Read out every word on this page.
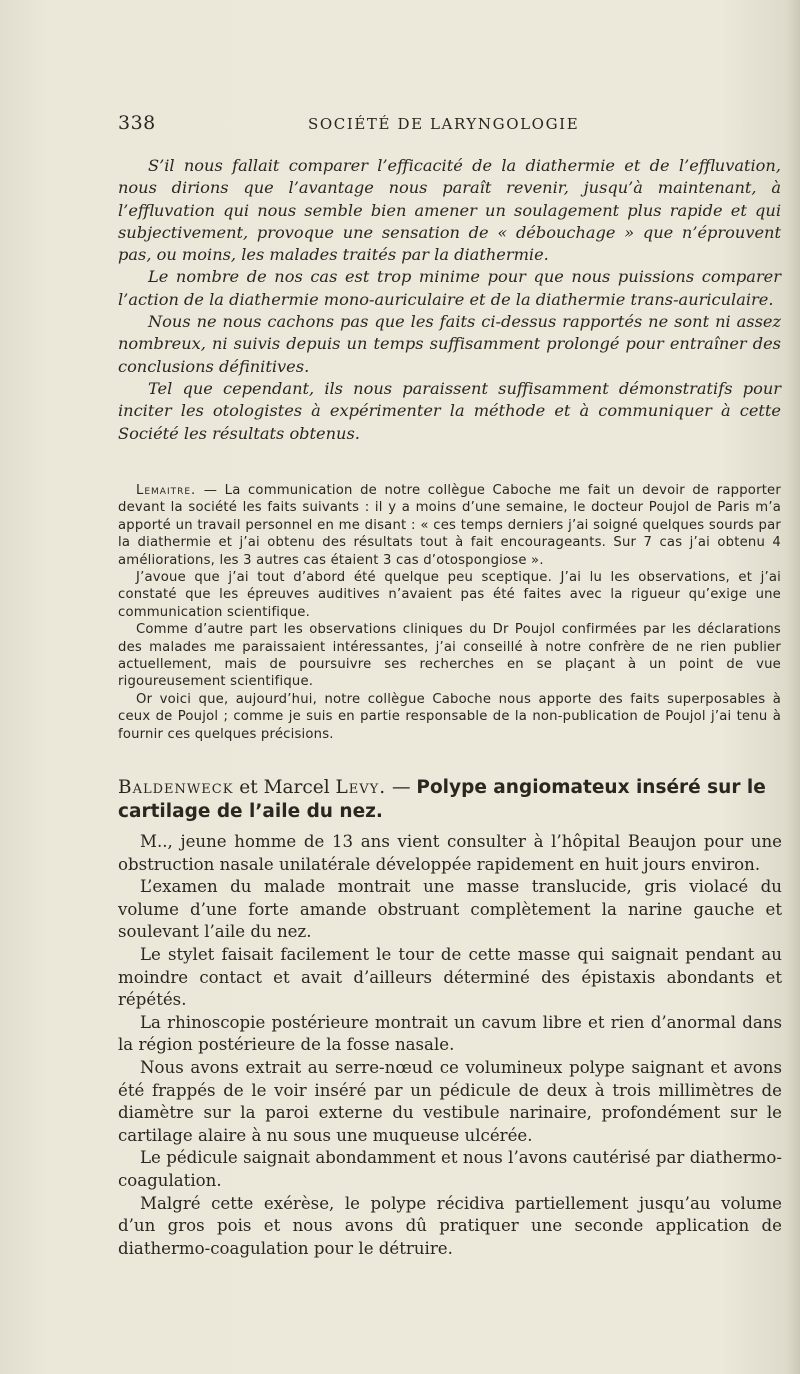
338	SOCIÉTÉ DE LARYNGOLOGIE

S’il nous fallait comparer l’efficacité de la diathermie et de l’effluvation, nous dirions que l’avantage nous paraît revenir, jusqu’à maintenant, à l’effluvation qui nous semble bien amener un soulagement plus rapide et qui subjectivement, provoque une sensation de « débouchage » que n’éprouvent pas, ou moins, les malades traités par la diathermie.

Le nombre de nos cas est trop minime pour que nous puissions comparer l’action de la diathermie mono-auriculaire et de la diathermie trans-auriculaire.

Nous ne nous cachons pas que les faits ci-dessus rapportés ne sont ni assez nombreux, ni suivis depuis un temps suffisamment prolongé pour entraîner des conclusions définitives.

Tel que cependant, ils nous paraissent suffisamment démonstratifs pour inciter les otologistes à expérimenter la méthode et à communiquer à cette Société les résultats obtenus.

Lemaitre. — La communication de notre collègue Caboche me fait un devoir de rapporter devant la société les faits suivants : il y a moins d’une semaine, le docteur Poujol de Paris m’a apporté un travail personnel en me disant : « ces temps derniers j’ai soigné quelques sourds par la diathermie et j’ai obtenu des résultats tout à fait encourageants. Sur 7 cas j’ai obtenu 4 améliorations, les 3 autres cas étaient 3 cas d’otospongiose ».

J’avoue que j’ai tout d’abord été quelque peu sceptique. J’ai lu les observations, et j’ai constaté que les épreuves auditives n’avaient pas été faites avec la rigueur qu’exige une communication scientifique.

Comme d’autre part les observations cliniques du Dr Poujol confirmées par les déclarations des malades me paraissaient intéressantes, j’ai conseillé à notre confrère de ne rien publier actuellement, mais de poursuivre ses recherches en se plaçant à un point de vue rigoureusement scientifique.

Or voici que, aujourd’hui, notre collègue Caboche nous apporte des faits superposables à ceux de Poujol ; comme je suis en partie responsable de la non-publication de Poujol j’ai tenu à fournir ces quelques précisions.

Baldenweck et Marcel Levy. — Polype angiomateux inséré sur le cartilage de l’aile du nez.

M.., jeune homme de 13 ans vient consulter à l’hôpital Beaujon pour une obstruction nasale unilatérale développée rapidement en huit jours environ.

L’examen du malade montrait une masse translucide, gris violacé du volume d’une forte amande obstruant complètement la narine gauche et soulevant l’aile du nez.

Le stylet faisait facilement le tour de cette masse qui saignait pendant au moindre contact et avait d’ailleurs déterminé des épistaxis abondants et répétés.

La rhinoscopie postérieure montrait un cavum libre et rien d’anormal dans la région postérieure de la fosse nasale.

Nous avons extrait au serre-nœud ce volumineux polype saignant et avons été frappés de le voir inséré par un pédicule de deux à trois millimètres de diamètre sur la paroi externe du vestibule narinaire, profondément sur le cartilage alaire à nu sous une muqueuse ulcérée.

Le pédicule saignait abondamment et nous l’avons cautérisé par diathermo-coagulation.

Malgré cette exérèse, le polype récidiva partiellement jusqu’au volume d’un gros pois et nous avons dû pratiquer une seconde application de diathermo-coagulation pour le détruire.
